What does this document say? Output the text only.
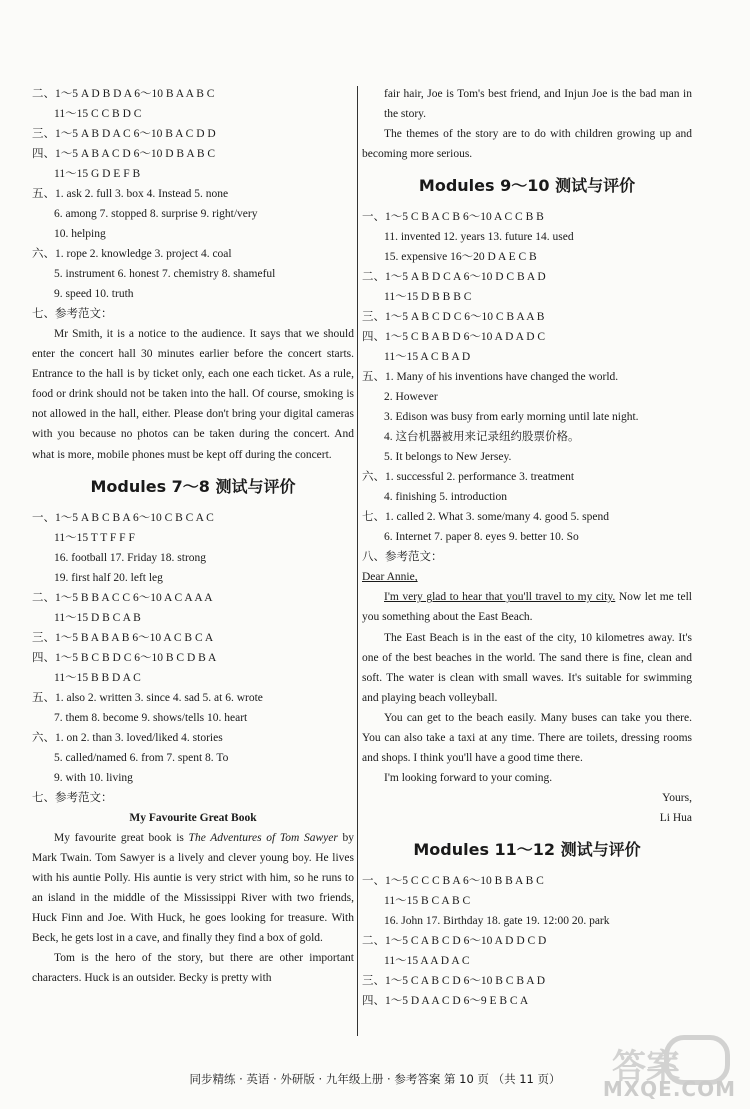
二、1～5 A D B D A 6～10 B A A B C
11～15 C C B D C
三、1～5 A B D A C 6～10 B A C D D
四、1～5 A B A C D 6～10 D B A B C
11～15 G D E F B
五、1. ask 2. full 3. box 4. Instead 5. none
6. among 7. stopped 8. surprise 9. right/very
10. helping
六、1. rope 2. knowledge 3. project 4. coal
5. instrument 6. honest 7. chemistry 8. shameful
9. speed 10. truth
七、参考范文：
Mr Smith, it is a notice to the audience. It says that we should enter the concert hall 30 minutes earlier before the concert starts. Entrance to the hall is by ticket only, each one each ticket. As a rule, food or drink should not be taken into the hall. Of course, smoking is not allowed in the hall, either. Please don't bring your digital cameras with you because no photos can be taken during the concert. And what is more, mobile phones must be kept off during the concert.
Modules 7～8 测试与评价
一、1～5 A B C B A 6～10 C B C A C
11～15 T T F F F
16. football 17. Friday 18. strong
19. first half 20. left leg
二、1～5 B B A C C 6～10 A C A A A
11～15 D B C A B
三、1～5 B A B A B 6～10 A C B C A
四、1～5 B C B D C 6～10 B C D B A
11～15 B B D A C
五、1. also 2. written 3. since 4. sad 5. at 6. wrote
7. them 8. become 9. shows/tells 10. heart
六、1. on 2. than 3. loved/liked 4. stories
5. called/named 6. from 7. spent 8. To
9. with 10. living
七、参考范文：
My Favourite Great Book
My favourite great book is The Adventures of Tom Sawyer by Mark Twain. Tom Sawyer is a lively and clever young boy. He lives with his auntie Polly. His auntie is very strict with him, so he runs to an island in the middle of the Mississippi River with two friends, Huck Finn and Joe. With Huck, he goes looking for treasure. With Beck, he gets lost in a cave, and finally they find a box of gold.
Tom is the hero of the story, but there are other important characters. Huck is an outsider. Becky is pretty with
fair hair, Joe is Tom's best friend, and Injun Joe is the bad man in the story.
The themes of the story are to do with children growing up and becoming more serious.
Modules 9～10 测试与评价
一、1～5 C B A C B 6～10 A C C B B
11. invented 12. years 13. future 14. used
15. expensive 16～20 D A E C B
二、1～5 A B D C A 6～10 D C B A D
11～15 D B B B C
三、1～5 A B C D C 6～10 C B A A B
四、1～5 C B A B D 6～10 A D A D C
11～15 A C B A D
五、1. Many of his inventions have changed the world.
2. However
3. Edison was busy from early morning until late night.
4. 这台机器被用来记录纽约股票价格。
5. It belongs to New Jersey.
六、1. successful 2. performance 3. treatment
4. finishing 5. introduction
七、1. called 2. What 3. some/many 4. good 5. spend
6. Internet 7. paper 8. eyes 9. better 10. So
八、参考范文：
Dear Annie,
I'm very glad to hear that you'll travel to my city. Now let me tell you something about the East Beach.
The East Beach is in the east of the city, 10 kilometres away. It's one of the best beaches in the world. The sand there is fine, clean and soft. The water is clean with small waves. It's suitable for swimming and playing beach volleyball.
You can get to the beach easily. Many buses can take you there. You can also take a taxi at any time. There are toilets, dressing rooms and shops. I think you'll have a good time there.
I'm looking forward to your coming.
Yours,
Li Hua
Modules 11～12 测试与评价
一、1～5 C C C B A 6～10 B B A B C
11～15 B C A B C
16. John 17. Birthday 18. gate 19. 12:00 20. park
二、1～5 C A B C D 6～10 A D D C D
11～15 A A D A C
三、1～5 C A B C D 6～10 B C B A D
四、1～5 D A A C D 6～9 E B C A
同步精练 · 英语 · 外研版 · 九年级上册 · 参考答案 第 10 页 （共 11 页）	答案
MXQE.COM
